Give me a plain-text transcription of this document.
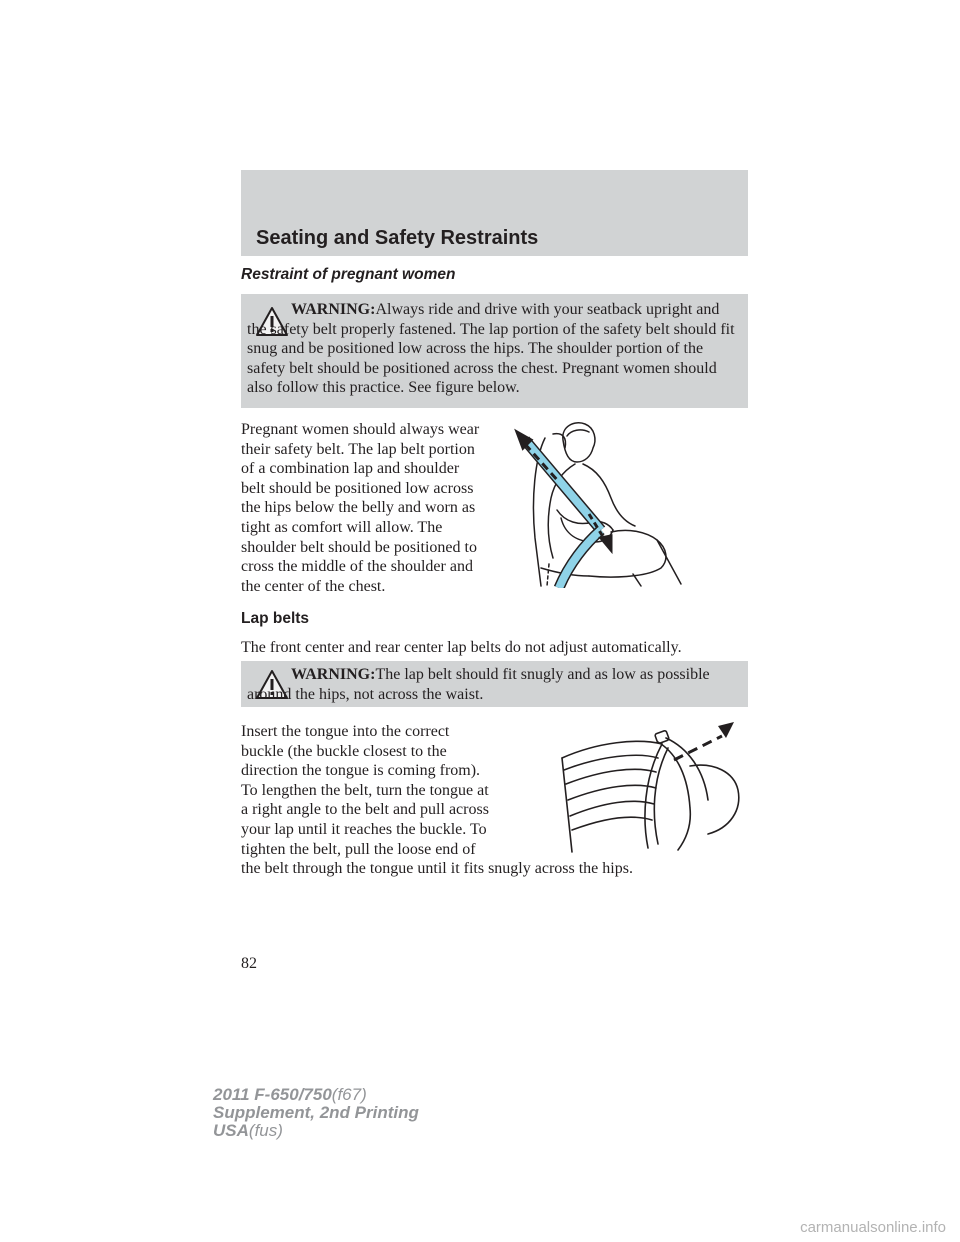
Seating and Safety Restraints
Restraint of pregnant women
WARNING:Always ride and drive with your seatback upright and the safety belt properly fastened. The lap portion of the safety belt should fit snug and be positioned low across the hips. The shoulder portion of the safety belt should be positioned across the chest. Pregnant women should also follow this practice. See figure below.
Pregnant women should always wear their safety belt. The lap belt portion of a combination lap and shoulder belt should be positioned low across the hips below the belly and worn as tight as comfort will allow. The shoulder belt should be positioned to cross the middle of the shoulder and the center of the chest.
Lap belts
The front center and rear center lap belts do not adjust automatically.
WARNING:The lap belt should fit snugly and as low as possible around the hips, not across the waist.
Insert the tongue into the correct buckle (the buckle closest to the direction the tongue is coming from). To lengthen the belt, turn the tongue at a right angle to the belt and pull across your lap until it reaches the buckle. To tighten the belt, pull the loose end of the belt through the tongue until it fits snugly across the hips.
82
2011 F-650/750(f67)
Supplement, 2nd Printing
USA(fus)
carmanualsonline.info
